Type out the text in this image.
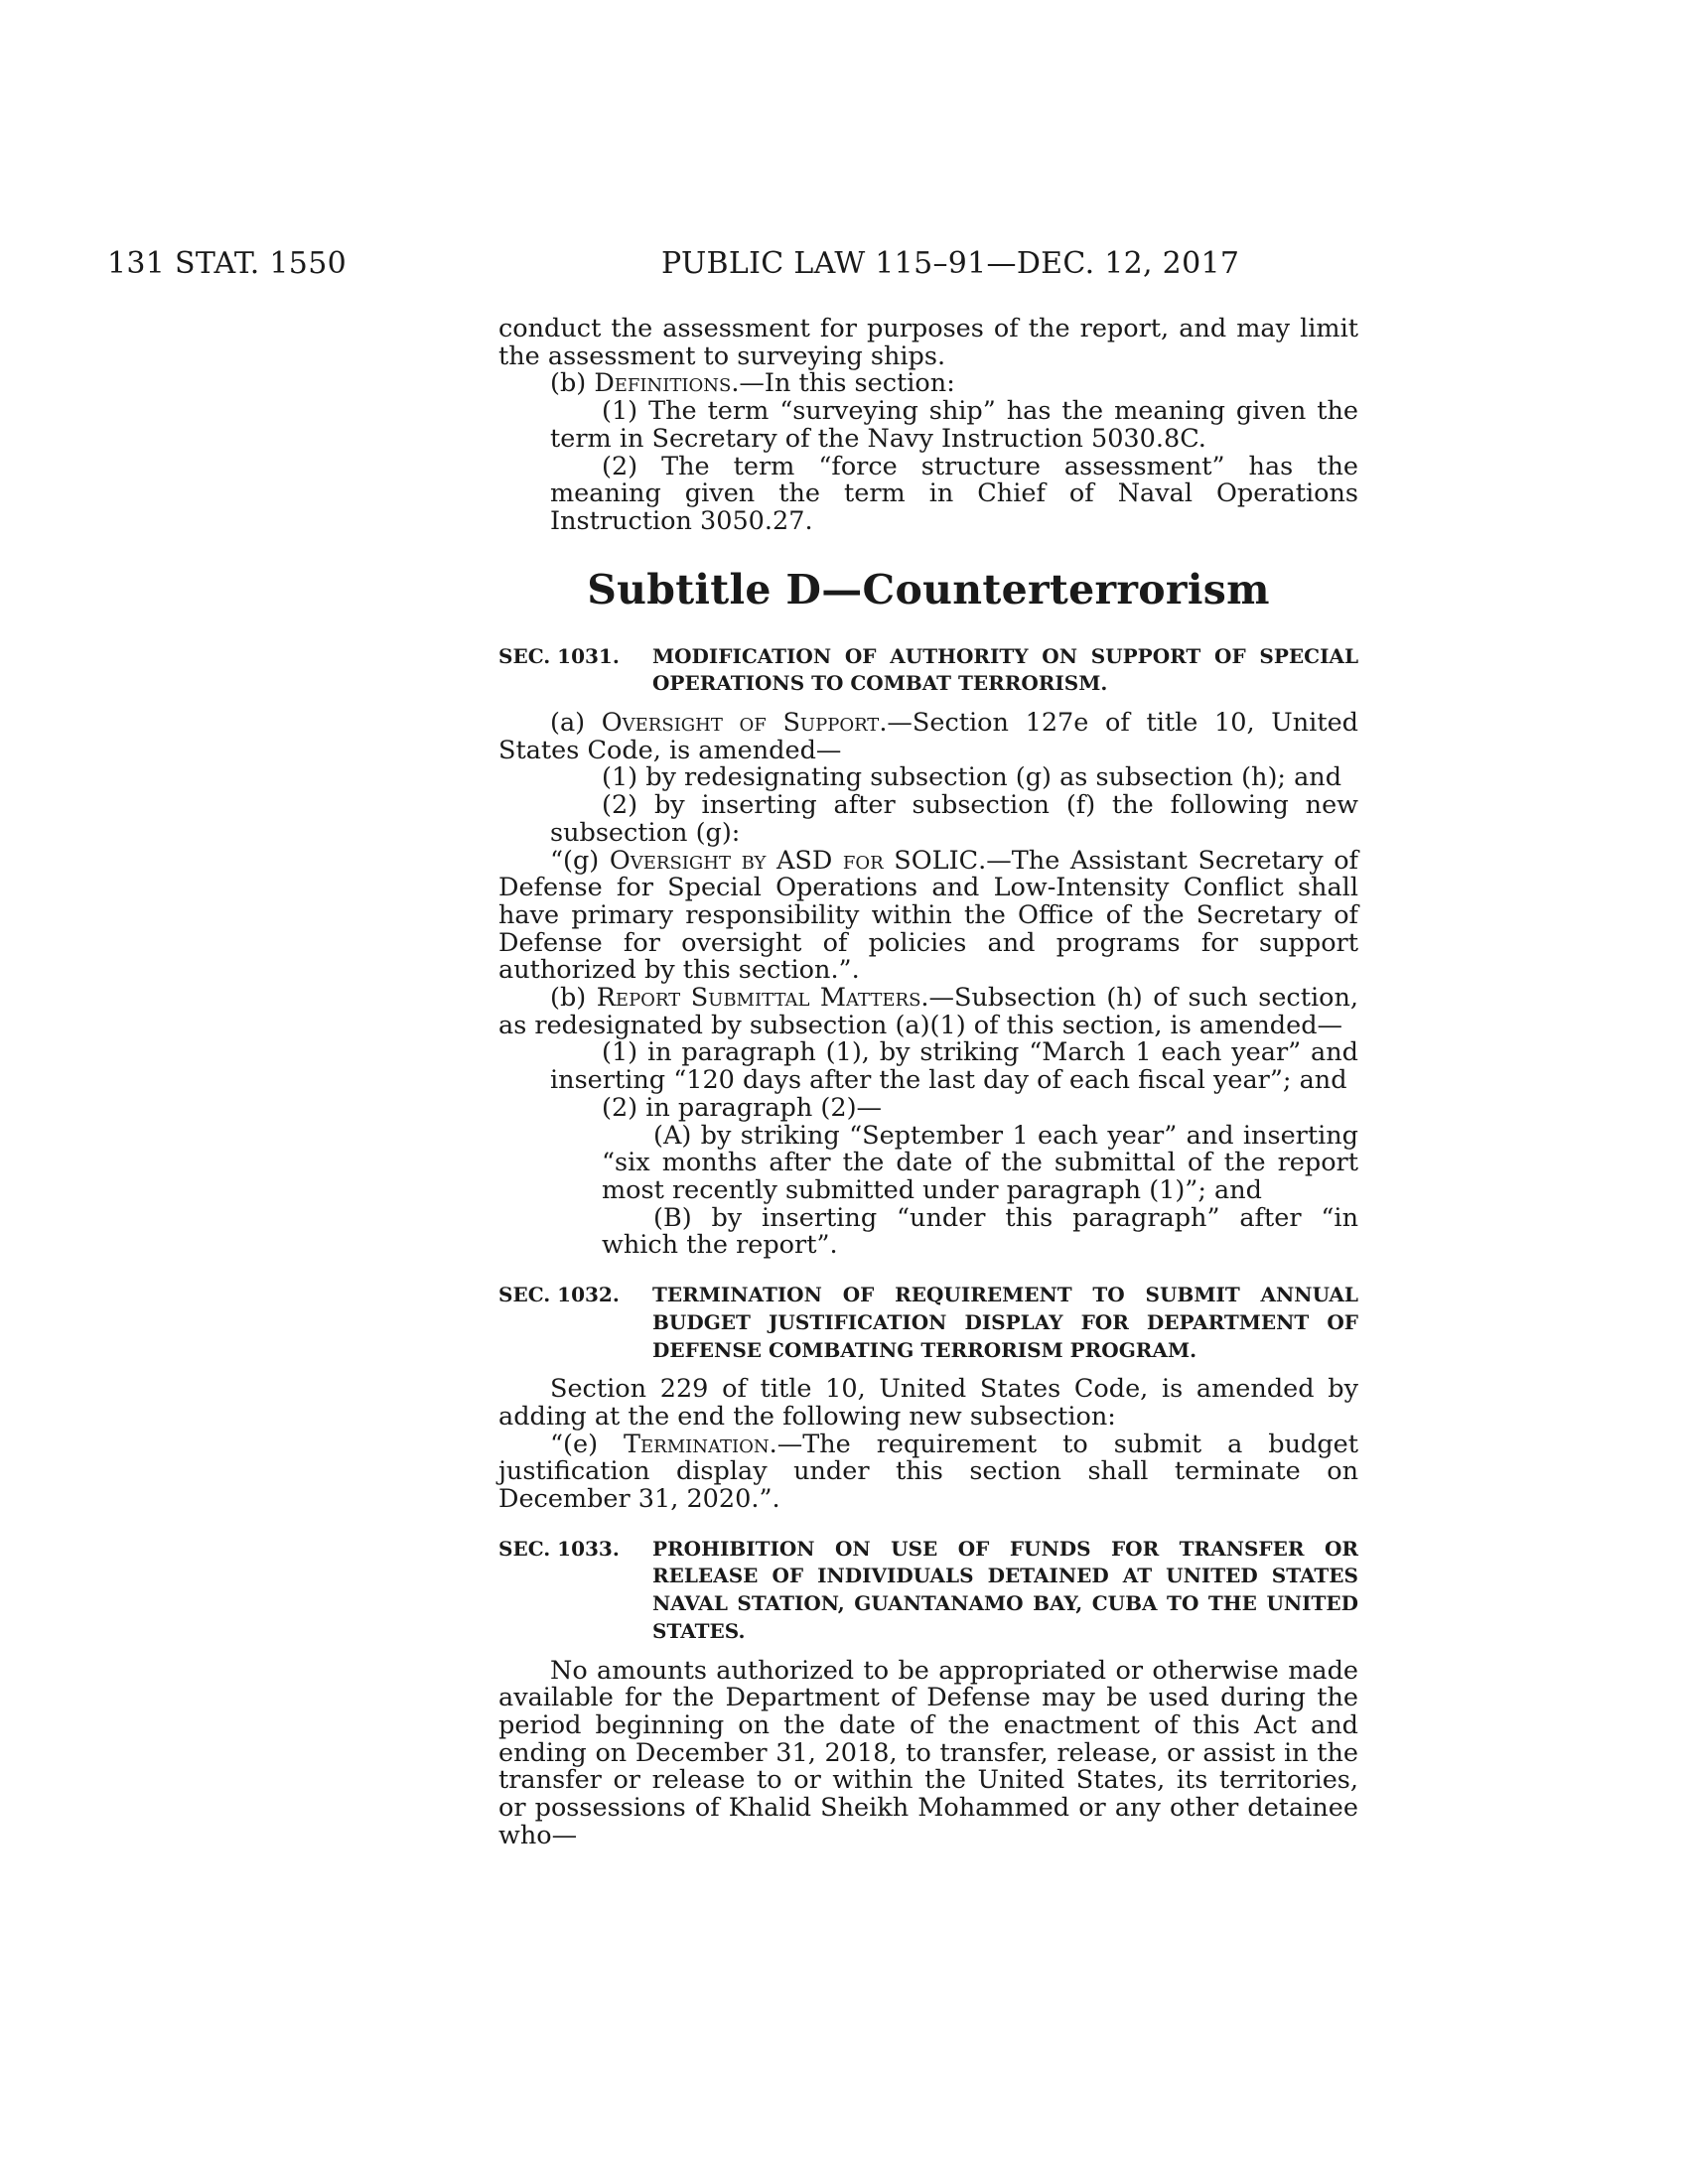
131 STAT. 1550	PUBLIC LAW 115–91—DEC. 12, 2017

conduct the assessment for purposes of the report, and may limit the assessment to surveying ships.

(b) Definitions.—In this section:

(1) The term “surveying ship” has the meaning given the term in Secretary of the Navy Instruction 5030.8C.

(2) The term “force structure assessment” has the meaning given the term in Chief of Naval Operations Instruction 3050.27.

Subtitle D—Counterterrorism
SEC. 1031. MODIFICATION OF AUTHORITY ON SUPPORT OF SPECIAL OPERATIONS TO COMBAT TERRORISM.

(a) Oversight of Support.—Section 127e of title 10, United States Code, is amended—

(1) by redesignating subsection (g) as subsection (h); and

(2) by inserting after subsection (f) the following new subsection (g):

“(g) Oversight by ASD for SOLIC.—The Assistant Secretary of Defense for Special Operations and Low-Intensity Conflict shall have primary responsibility within the Office of the Secretary of Defense for oversight of policies and programs for support authorized by this section.”.

(b) Report Submittal Matters.—Subsection (h) of such section, as redesignated by subsection (a)(1) of this section, is amended—

(1) in paragraph (1), by striking “March 1 each year” and inserting “120 days after the last day of each fiscal year”; and

(2) in paragraph (2)—

(A) by striking “September 1 each year” and inserting “six months after the date of the submittal of the report most recently submitted under paragraph (1)”; and

(B) by inserting “under this paragraph” after “in which the report”.

SEC. 1032. TERMINATION OF REQUIREMENT TO SUBMIT ANNUAL BUDGET JUSTIFICATION DISPLAY FOR DEPARTMENT OF DEFENSE COMBATING TERRORISM PROGRAM.

Section 229 of title 10, United States Code, is amended by adding at the end the following new subsection:

“(e) Termination.—The requirement to submit a budget justification display under this section shall terminate on December 31, 2020.”.

SEC. 1033. PROHIBITION ON USE OF FUNDS FOR TRANSFER OR RELEASE OF INDIVIDUALS DETAINED AT UNITED STATES NAVAL STATION, GUANTANAMO BAY, CUBA TO THE UNITED STATES.

No amounts authorized to be appropriated or otherwise made available for the Department of Defense may be used during the period beginning on the date of the enactment of this Act and ending on December 31, 2018, to transfer, release, or assist in the transfer or release to or within the United States, its territories, or possessions of Khalid Sheikh Mohammed or any other detainee who—
